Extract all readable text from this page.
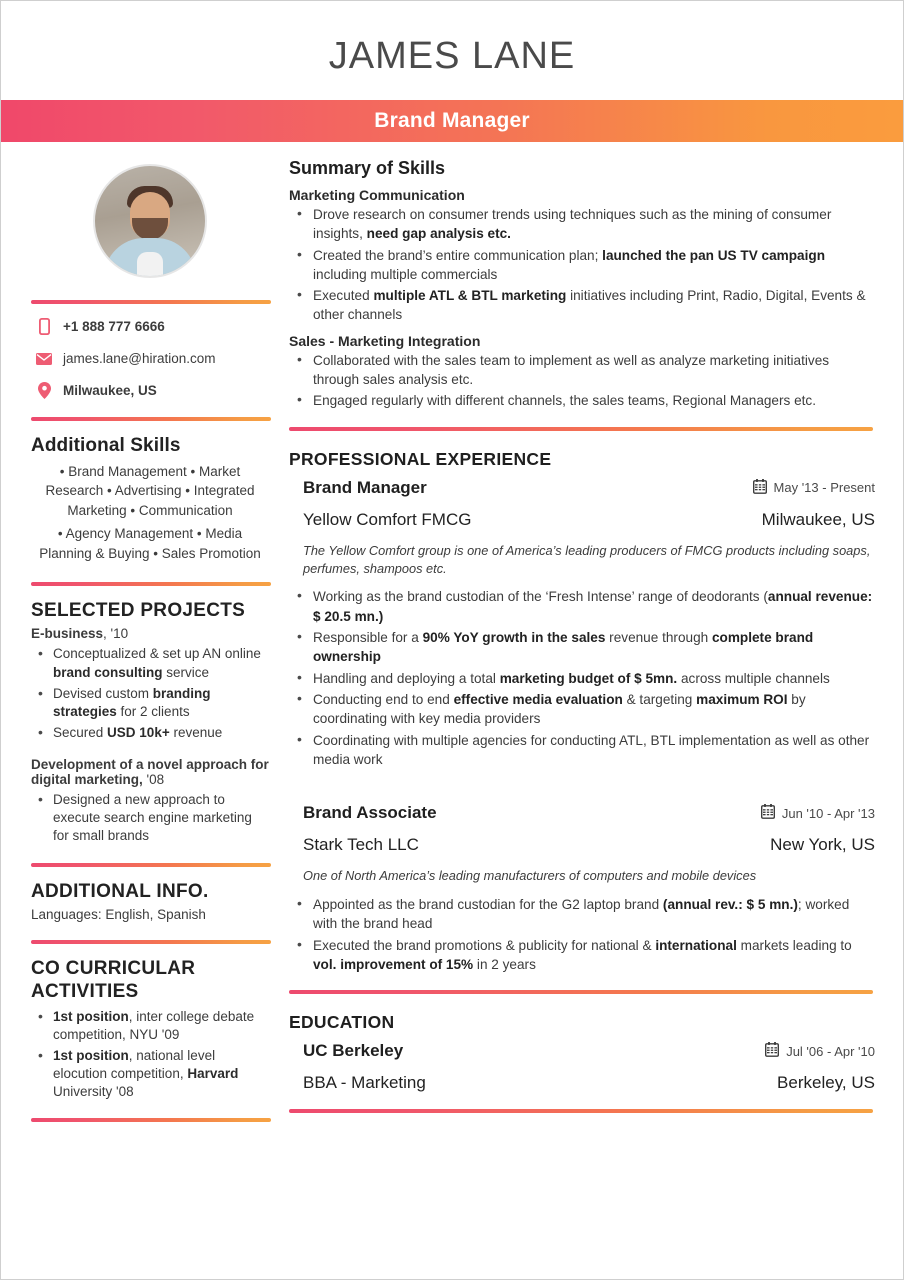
JAMES LANE
Brand Manager
+1 888 777 6666
james.lane@hiration.com
Milwaukee, US
Additional Skills
• Brand Management • Market Research • Advertising • Integrated Marketing • Communication
• Agency Management • Media Planning & Buying • Sales Promotion
SELECTED PROJECTS
E-business, '10
• Conceptualized & set up AN online brand consulting service
• Devised custom branding strategies for 2 clients
• Secured USD 10k+ revenue
Development of a novel approach for digital marketing, '08
• Designed a new approach to execute search engine marketing for small brands
ADDITIONAL INFO.
Languages: English, Spanish
CO CURRICULAR ACTIVITIES
• 1st position, inter college debate competition, NYU '09
• 1st position, national level elocution competition, Harvard University '08
Summary of Skills
Marketing Communication
• Drove research on consumer trends using techniques such as the mining of consumer insights, need gap analysis etc.
• Created the brand’s entire communication plan; launched the pan US TV campaign including multiple commercials
• Executed multiple ATL & BTL marketing initiatives including Print, Radio, Digital, Events & other channels
Sales - Marketing Integration
• Collaborated with the sales team to implement as well as analyze marketing initiatives through sales analysis etc.
• Engaged regularly with different channels, the sales teams, Regional Managers etc.
PROFESSIONAL EXPERIENCE
Brand Manager	May '13 - Present
Yellow Comfort FMCG	Milwaukee, US
The Yellow Comfort group is one of America’s leading producers of FMCG products including soaps, perfumes, shampoos etc.
• Working as the brand custodian of the ‘Fresh Intense’ range of deodorants (annual revenue: $ 20.5 mn.)
• Responsible for a 90% YoY growth in the sales revenue through complete brand ownership
• Handling and deploying a total marketing budget of $ 5mn. across multiple channels
• Conducting end to end effective media evaluation & targeting maximum ROI by coordinating with key media providers
• Coordinating with multiple agencies for conducting ATL, BTL implementation as well as other media work
Brand Associate	Jun '10 - Apr '13
Stark Tech LLC	New York, US
One of North America’s leading manufacturers of computers and mobile devices
• Appointed as the brand custodian for the G2 laptop brand (annual rev.: $ 5 mn.); worked with the brand head
• Executed the brand promotions & publicity for national & international markets leading to vol. improvement of 15% in 2 years
EDUCATION
UC Berkeley	Jul '06 - Apr '10
BBA - Marketing	Berkeley, US
